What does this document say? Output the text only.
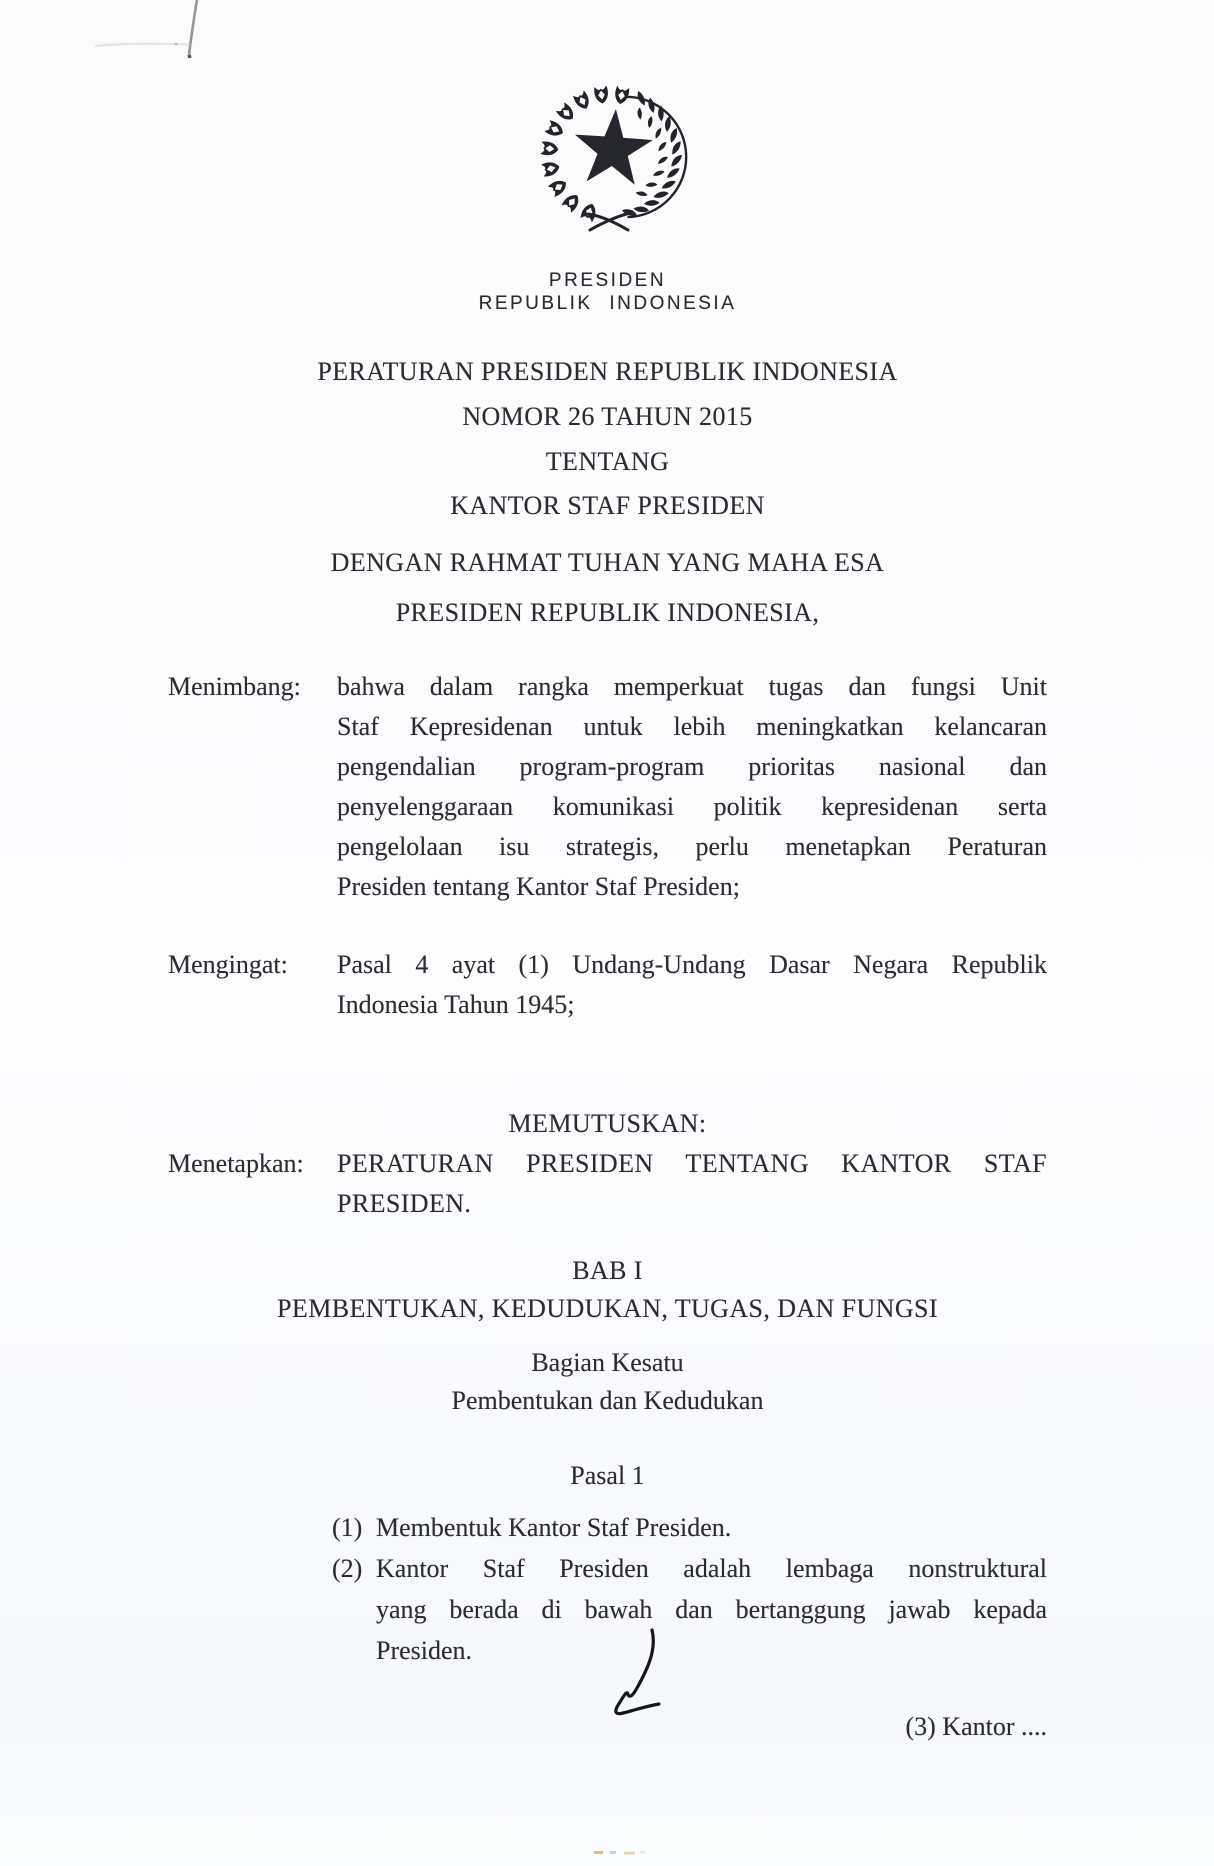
PRESIDEN
REPUBLIK INDONESIA
PERATURAN PRESIDEN REPUBLIK INDONESIA
NOMOR 26 TAHUN 2015
TENTANG
KANTOR STAF PRESIDEN
DENGAN RAHMAT TUHAN YANG MAHA ESA
PRESIDEN REPUBLIK INDONESIA,
Menimbang: bahwa dalam rangka memperkuat tugas dan fungsi Unit
Staf Kepresidenan untuk lebih meningkatkan kelancaran
pengendalian program-program prioritas nasional dan
penyelenggaraan komunikasi politik kepresidenan serta
pengelolaan isu strategis, perlu menetapkan Peraturan
Presiden tentang Kantor Staf Presiden;
Mengingat: Pasal 4 ayat (1) Undang-Undang Dasar Negara Republik
Indonesia Tahun 1945;
MEMUTUSKAN:
Menetapkan: PERATURAN PRESIDEN TENTANG KANTOR STAF
PRESIDEN.
BAB I
PEMBENTUKAN, KEDUDUKAN, TUGAS, DAN FUNGSI
Bagian Kesatu
Pembentukan dan Kedudukan
Pasal 1
(1) Membentuk Kantor Staf Presiden.
(2) Kantor Staf Presiden adalah lembaga nonstruktural
yang berada di bawah dan bertanggung jawab kepada
Presiden.
(3) Kantor ....
